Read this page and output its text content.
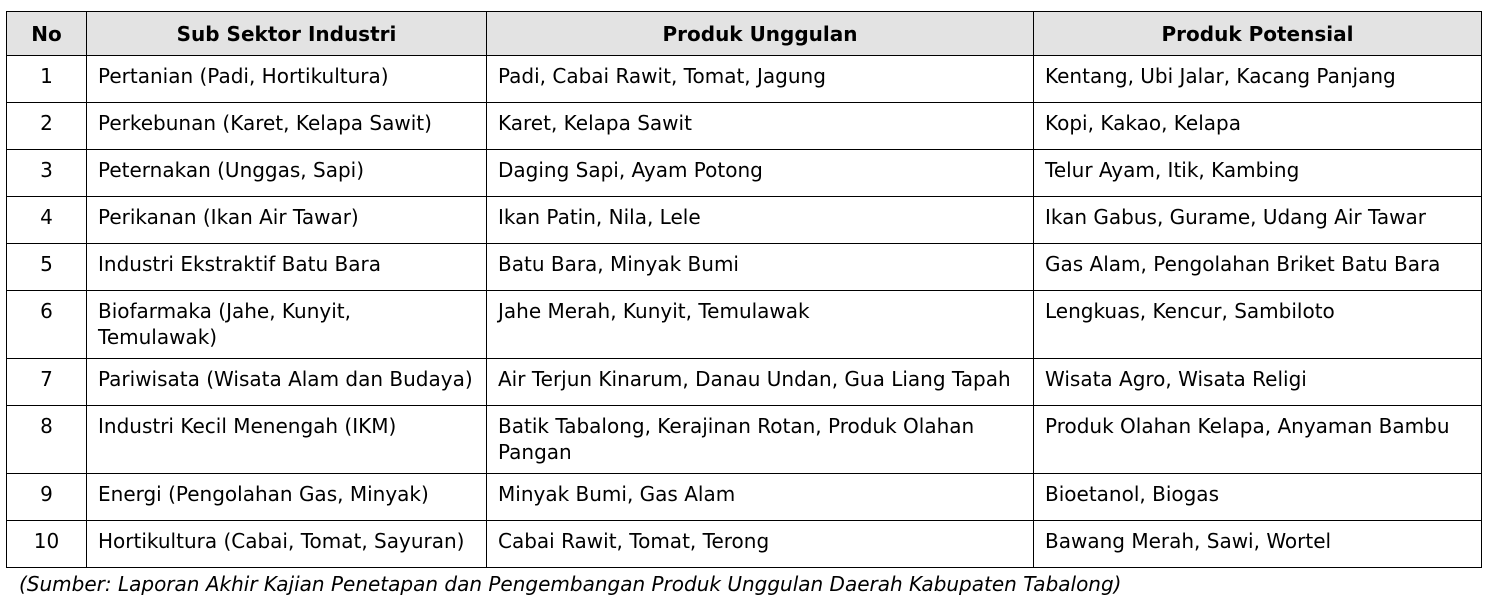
No	Sub Sektor Industri	Produk Unggulan	Produk Potensial
1	Pertanian (Padi, Hortikultura)	Padi, Cabai Rawit, Tomat, Jagung	Kentang, Ubi Jalar, Kacang Panjang
2	Perkebunan (Karet, Kelapa Sawit)	Karet, Kelapa Sawit	Kopi, Kakao, Kelapa
3	Peternakan (Unggas, Sapi)	Daging Sapi, Ayam Potong	Telur Ayam, Itik, Kambing
4	Perikanan (Ikan Air Tawar)	Ikan Patin, Nila, Lele	Ikan Gabus, Gurame, Udang Air Tawar
5	Industri Ekstraktif Batu Bara	Batu Bara, Minyak Bumi	Gas Alam, Pengolahan Briket Batu Bara
6	Biofarmaka (Jahe, Kunyit, Temulawak)	Jahe Merah, Kunyit, Temulawak	Lengkuas, Kencur, Sambiloto
7	Pariwisata (Wisata Alam dan Budaya)	Air Terjun Kinarum, Danau Undan, Gua Liang Tapah	Wisata Agro, Wisata Religi
8	Industri Kecil Menengah (IKM)	Batik Tabalong, Kerajinan Rotan, Produk Olahan Pangan	Produk Olahan Kelapa, Anyaman Bambu
9	Energi (Pengolahan Gas, Minyak)	Minyak Bumi, Gas Alam	Bioetanol, Biogas
10	Hortikultura (Cabai, Tomat, Sayuran)	Cabai Rawit, Tomat, Terong	Bawang Merah, Sawi, Wortel
(Sumber: Laporan Akhir Kajian Penetapan dan Pengembangan Produk Unggulan Daerah Kabupaten Tabalong)
